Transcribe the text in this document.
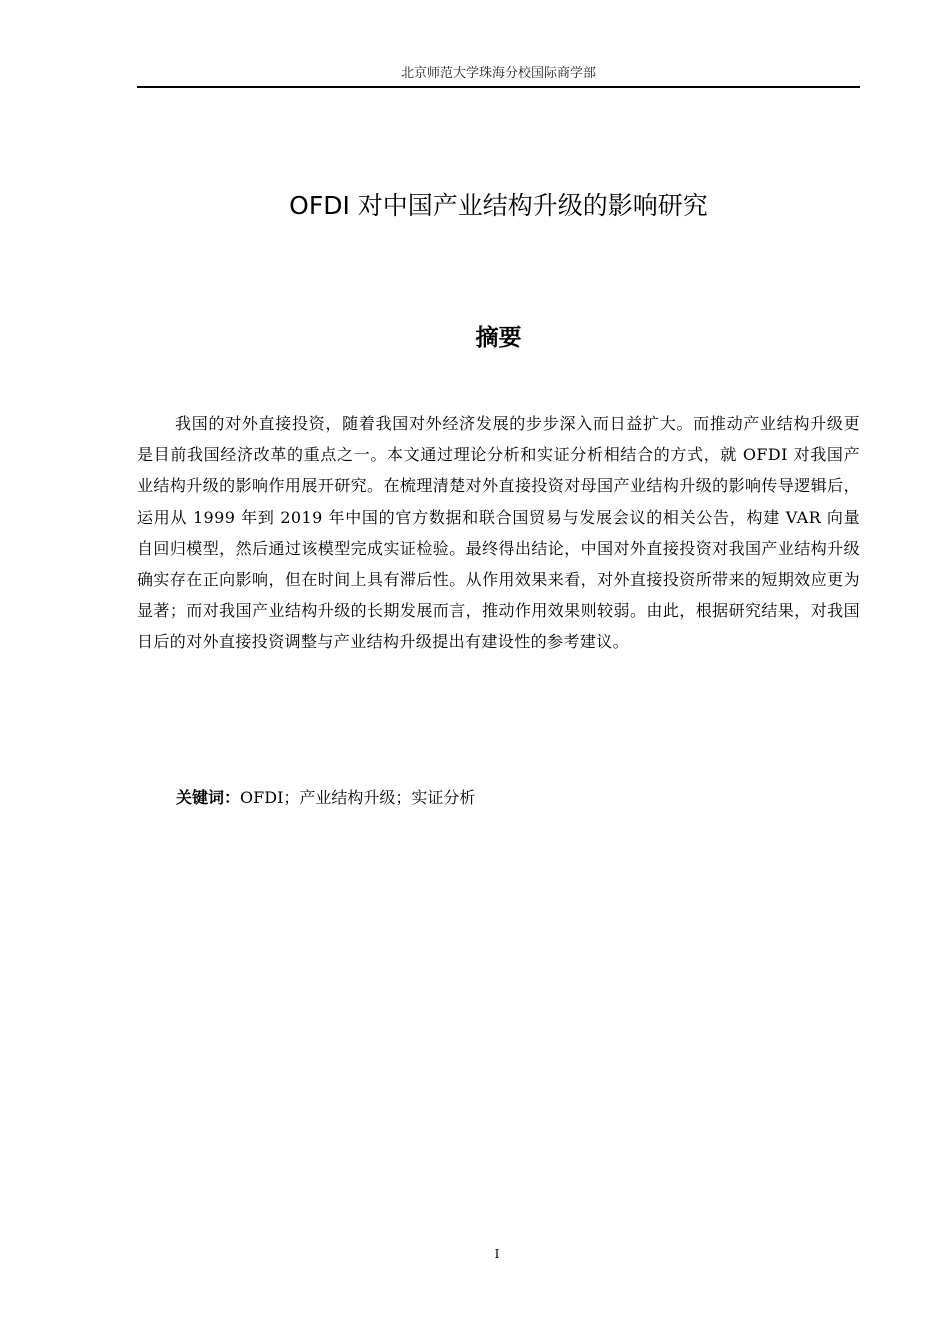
北京师范大学珠海分校国际商学部
OFDI 对中国产业结构升级的影响研究
摘要

我国的对外直接投资，随着我国对外经济发展的步步深入而日益扩大。而推动产业结构升级更是目前我国经济改革的重点之一。本文通过理论分析和实证分析相结合的方式，就 OFDI 对我国产业结构升级的影响作用展开研究。在梳理清楚对外直接投资对母国产业结构升级的影响传导逻辑后，运用从 1999 年到 2019 年中国的官方数据和联合国贸易与发展会议的相关公告，构建 VAR 向量自回归模型，然后通过该模型完成实证检验。最终得出结论，中国对外直接投资对我国产业结构升级确实存在正向影响，但在时间上具有滞后性。从作用效果来看，对外直接投资所带来的短期效应更为显著；而对我国产业结构升级的长期发展而言，推动作用效果则较弱。由此，根据研究结果，对我国日后的对外直接投资调整与产业结构升级提出有建设性的参考建议。

关键词：OFDI；产业结构升级；实证分析

I
